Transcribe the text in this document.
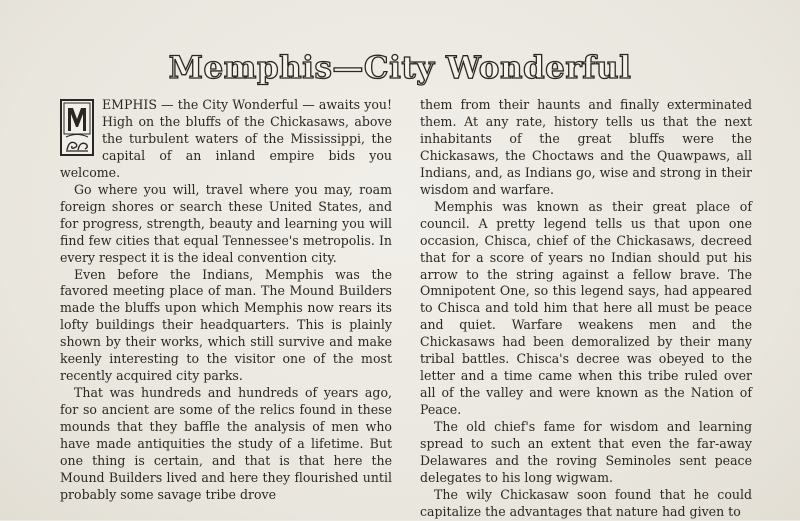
Memphis—City Wonderful

EMPHIS — the City Wonderful — awaits you! High on the bluffs of the Chickasaws, above the turbulent waters of the Mississippi, the capital of an inland empire bids you welcome.

Go where you will, travel where you may, roam foreign shores or search these United States, and for progress, strength, beauty and learning you will find few cities that equal Tennessee's metropolis. In every respect it is the ideal convention city.

Even before the Indians, Memphis was the favored meeting place of man. The Mound Builders made the bluffs upon which Memphis now rears its lofty buildings their headquarters. This is plainly shown by their works, which still survive and make keenly interesting to the visitor one of the most recently acquired city parks.

That was hundreds and hundreds of years ago, for so ancient are some of the relics found in these mounds that they baffle the analysis of men who have made antiquities the study of a lifetime. But one thing is certain, and that is that here the Mound Builders lived and here they flourished until probably some savage tribe drove

them from their haunts and finally exterminated them. At any rate, history tells us that the next inhabitants of the great bluffs were the Chickasaws, the Choctaws and the Quawpaws, all Indians, and, as Indians go, wise and strong in their wisdom and warfare.

Memphis was known as their great place of council. A pretty legend tells us that upon one occasion, Chisca, chief of the Chickasaws, decreed that for a score of years no Indian should put his arrow to the string against a fellow brave. The Omnipotent One, so this legend says, had appeared to Chisca and told him that here all must be peace and quiet. Warfare weakens men and the Chickasaws had been demoralized by their many tribal battles. Chisca's decree was obeyed to the letter and a time came when this tribe ruled over all of the valley and were known as the Nation of Peace.

The old chief's fame for wisdom and learning spread to such an extent that even the far-away Delawares and the roving Seminoles sent peace delegates to his long wigwam.

The wily Chickasaw soon found that he could capitalize the advantages that nature had given to
